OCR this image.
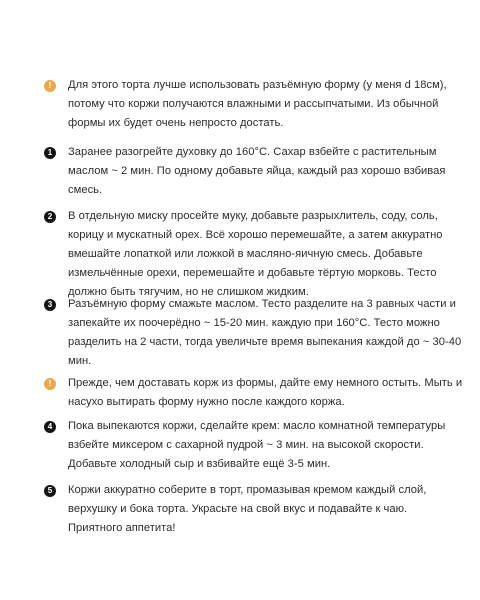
!	Для этого торта лучше использовать разъёмную форму (у меня d 18см), потому что коржи получаются влажными и рассыпчатыми. Из обычной формы их будет очень непросто достать.
1	Заранее разогрейте духовку до 160°С. Сахар взбейте с растительным маслом ~ 2 мин. По одному добавьте яйца, каждый раз хорошо взбивая смесь.
2	В отдельную миску просейте муку, добавьте разрыхлитель, соду, соль, корицу и мускатный орех. Всё хорошо перемешайте, а затем аккуратно вмешайте лопаткой или ложкой в масляно-яичную смесь. Добавьте измельчённые орехи, перемешайте и добавьте тёртую морковь. Тесто должно быть тягучим, но не слишком жидким.
3	Разъёмную форму смажьте маслом. Тесто разделите на 3 равных части и запекайте их поочерёдно ~ 15-20 мин. каждую при 160°С. Тесто можно разделить на 2 части, тогда увеличьте время выпекания каждой до ~ 30-40 мин.
!	Прежде, чем доставать корж из формы, дайте ему немного остыть. Мыть и насухо вытирать форму нужно после каждого коржа.
4	Пока выпекаются коржи, сделайте крем: масло комнатной температуры взбейте миксером с сахарной пудрой ~ 3 мин. на высокой скорости. Добавьте холодный сыр и взбивайте ещё 3-5 мин.
5	Коржи аккуратно соберите в торт, промазывая кремом каждый слой, верхушку и бока торта. Украсьте на свой вкус и подавайте к чаю. Приятного аппетита!
